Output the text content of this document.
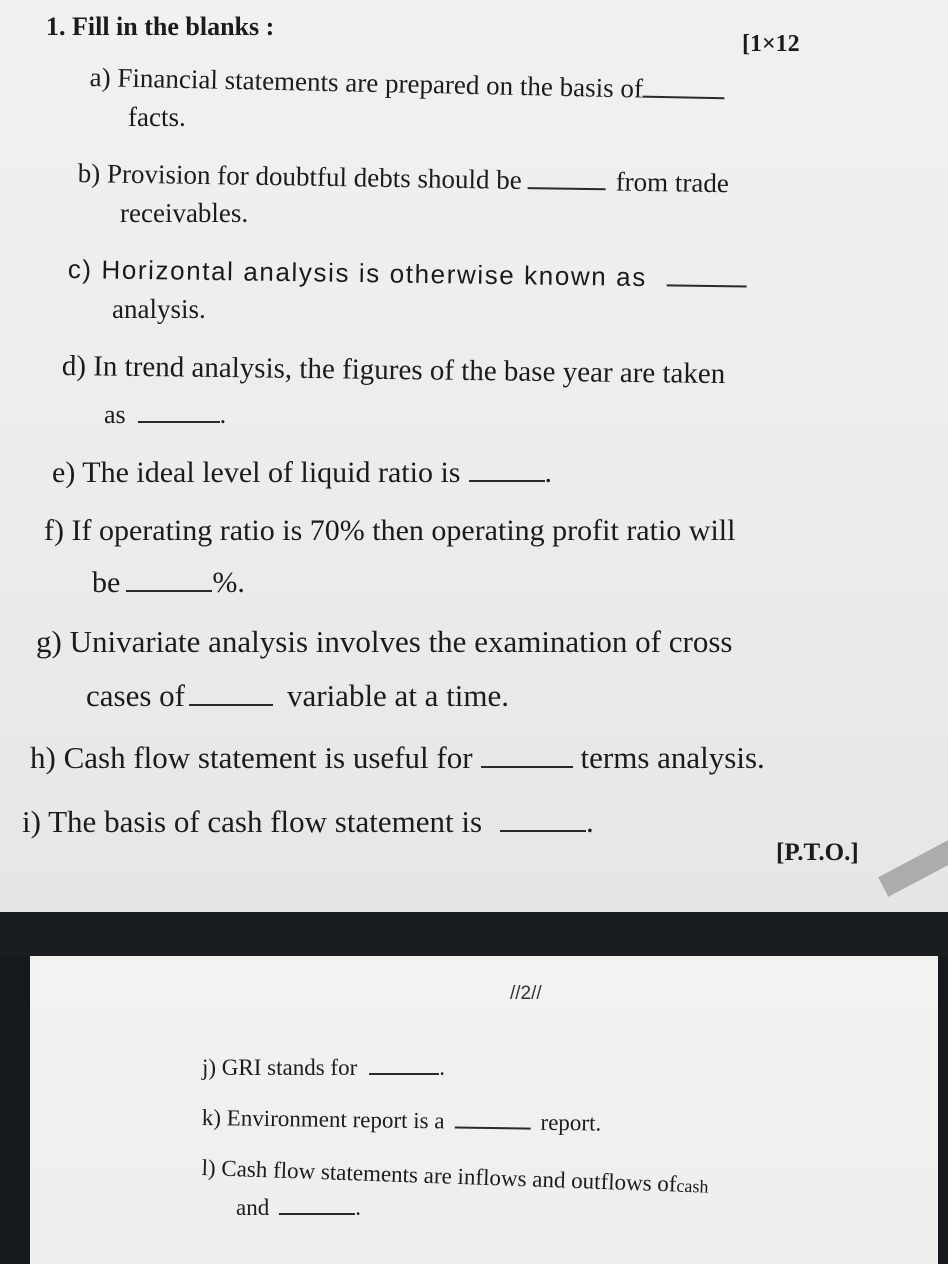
1. Fill in the blanks :
[1×12
a) Financial statements are prepared on the basis of
facts.
b) Provision for doubtful debts should be	from trade
receivables.
c) Horizontal analysis is otherwise known as
analysis.
d) In trend analysis, the figures of the base year are taken
as	.
e) The ideal level of liquid ratio is	.
f) If operating ratio is 70% then operating profit ratio will
be	%.
g) Univariate analysis involves the examination of cross
cases of	variable at a time.
h) Cash flow statement is useful for	terms analysis.
i) The basis of cash flow statement is	.
[P.T.O.]
//2//
j) GRI stands for	.
k) Environment report is a	report.
l) Cash flow statements are inflows and outflows ofcash
and	.
